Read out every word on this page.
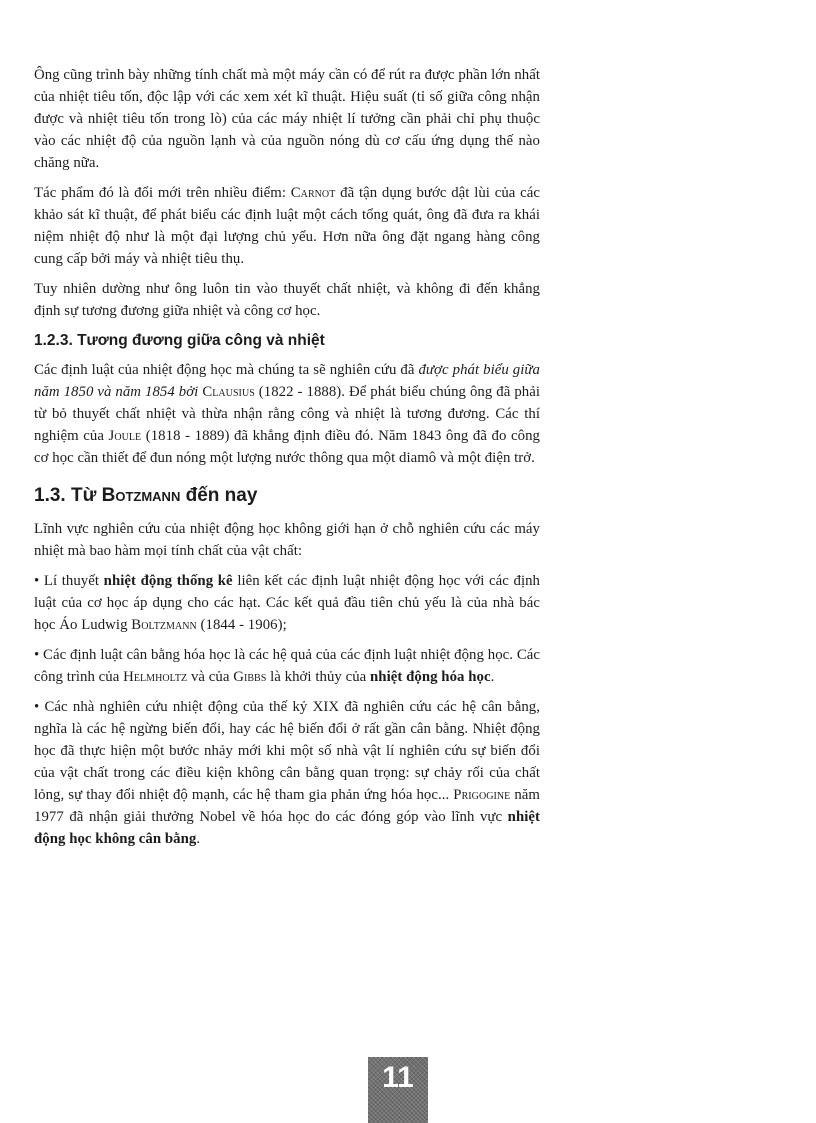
Ông cũng trình bày những tính chất mà một máy cần có để rút ra được phần lớn nhất của nhiệt tiêu tốn, độc lập với các xem xét kĩ thuật. Hiệu suất (tỉ số giữa công nhận được và nhiệt tiêu tốn trong lò) của các máy nhiệt lí tưởng cần phải chỉ phụ thuộc vào các nhiệt độ của nguồn lạnh và của nguồn nóng dù cơ cấu ứng dụng thế nào chăng nữa.

Tác phẩm đó là đổi mới trên nhiều điểm: Carnot đã tận dụng bước dật lùi của các khảo sát kĩ thuật, để phát biểu các định luật một cách tổng quát, ông đã đưa ra khái niệm nhiệt độ như là một đại lượng chủ yếu. Hơn nữa ông đặt ngang hàng công cung cấp bởi máy và nhiệt tiêu thụ.

Tuy nhiên dường như ông luôn tin vào thuyết chất nhiệt, và không đi đến khẳng định sự tương đương giữa nhiệt và công cơ học.

1.2.3. Tương đương giữa công và nhiệt

Các định luật của nhiệt động học mà chúng ta sẽ nghiên cứu đã được phát biểu giữa năm 1850 và năm 1854 bởi Clausius (1822 - 1888). Để phát biểu chúng ông đã phải từ bỏ thuyết chất nhiệt và thừa nhận rằng công và nhiệt là tương đương. Các thí nghiệm của Joule (1818 - 1889) đã khẳng định điều đó. Năm 1843 ông đã đo công cơ học cần thiết để đun nóng một lượng nước thông qua một diamô và một điện trở.

1.3. Từ Botzmann đến nay

Lĩnh vực nghiên cứu của nhiệt động học không giới hạn ở chỗ nghiên cứu các máy nhiệt mà bao hàm mọi tính chất của vật chất:

• Lí thuyết nhiệt động thống kê liên kết các định luật nhiệt động học với các định luật của cơ học áp dụng cho các hạt. Các kết quả đầu tiên chủ yếu là của nhà bác học Áo Ludwig Boltzmann (1844 - 1906);

• Các định luật cân bằng hóa học là các hệ quả của các định luật nhiệt động học. Các công trình của Helmholtz và của Gibbs là khởi thủy của nhiệt động hóa học.

• Các nhà nghiên cứu nhiệt động của thế kỷ XIX đã nghiên cứu các hệ cân bằng, nghĩa là các hệ ngừng biến đổi, hay các hệ biến đổi ở rất gần cân bằng. Nhiệt động học đã thực hiện một bước nhảy mới khi một số nhà vật lí nghiên cứu sự biến đổi của vật chất trong các điều kiện không cân bằng quan trọng: sự chảy rối của chất lỏng, sự thay đổi nhiệt độ mạnh, các hệ tham gia phản ứng hóa học... Prigogine năm 1977 đã nhận giải thưởng Nobel về hóa học do các đóng góp vào lĩnh vực nhiệt động học không cân bằng.

11
